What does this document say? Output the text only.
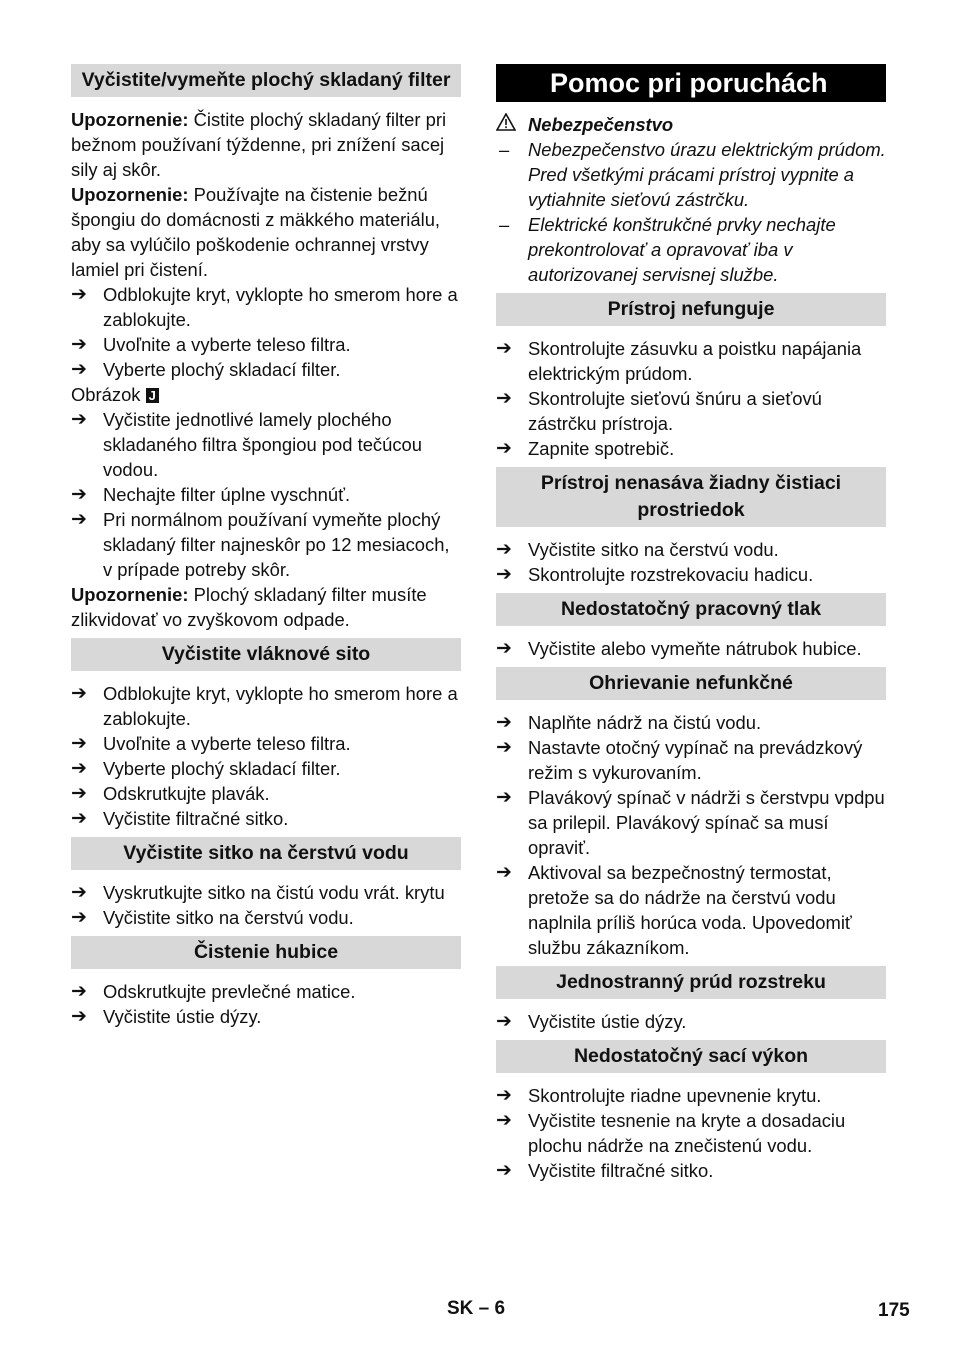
Vyčistite/vymeňte plochý skladaný filter

Upozornenie: Čistite plochý skladaný filter pri bežnom používaní týždenne, pri znížení sacej sily aj skôr.

Upozornenie: Používajte na čistenie bežnú špongiu do domácnosti z mäkkého materiálu, aby sa vylúčilo poškodenie ochrannej vrstvy lamiel pri čistení.

➔ Odblokujte kryt, vyklopte ho smerom hore a zablokujte.
➔ Uvoľnite a vyberte teleso filtra.
➔ Vyberte plochý skladací filter.

Obrázok J

➔ Vyčistite jednotlivé lamely plochého skladaného filtra špongiou pod tečúcou vodou.
➔ Nechajte filter úplne vyschnúť.
➔ Pri normálnom používaní vymeňte plochý skladaný filter najneskôr po 12 mesiacoch, v prípade potreby skôr.

Upozornenie: Plochý skladaný filter musíte zlikvidovať vo zvyškovom odpade.

Vyčistite vláknové sito
➔ Odblokujte kryt, vyklopte ho smerom hore a zablokujte.
➔ Uvoľnite a vyberte teleso filtra.
➔ Vyberte plochý skladací filter.
➔ Odskrutkujte plavák.
➔ Vyčistite filtračné sitko.
Vyčistite sitko na čerstvú vodu
➔ Vyskrutkujte sitko na čistú vodu vrát. krytu
➔ Vyčistite sitko na čerstvú vodu.
Čistenie hubice
➔ Odskrutkujte prevlečné matice.
➔ Vyčistite ústie dýzy.
Pomoc pri poruchách
Nebezpečenstvo
–	Nebezpečenstvo úrazu elektrickým prúdom.

Pred všetkými prácami prístroj vypnite a vytiahnite sieťovú zástrčku.

–	Elektrické konštrukčné prvky nechajte prekontrolovať a opravovať iba v autorizovanej servisnej službe.
Prístroj nefunguje
➔ Skontrolujte zásuvku a poistku napájania elektrickým prúdom.
➔ Skontrolujte sieťovú šnúru a sieťovú zástrčku prístroja.
➔ Zapnite spotrebič.
Prístroj nenasáva žiadny čistiaci prostriedok
➔ Vyčistite sitko na čerstvú vodu.
➔ Skontrolujte rozstrekovaciu hadicu.
Nedostatočný pracovný tlak
➔ Vyčistite alebo vymeňte nátrubok hubice.
Ohrievanie nefunkčné
➔ Naplňte nádrž na čistú vodu.
➔ Nastavte otočný vypínač na prevádzkový režim s vykurovaním.
➔ Plavákový spínač v nádrži s čerstvpu vpdpu sa prilepil. Plavákový spínač sa musí opraviť.
➔ Aktivoval sa bezpečnostný termostat, pretože sa do nádrže na čerstvú vodu naplnila príliš horúca voda. Upovedomiť službu zákazníkom.
Jednostranný prúd rozstreku
➔ Vyčistite ústie dýzy.
Nedostatočný sací výkon
➔ Skontrolujte riadne upevnenie krytu.
➔ Vyčistite tesnenie na kryte a dosadaciu plochu nádrže na znečistenú vodu.
➔ Vyčistite filtračné sitko.
SK – 6	175
